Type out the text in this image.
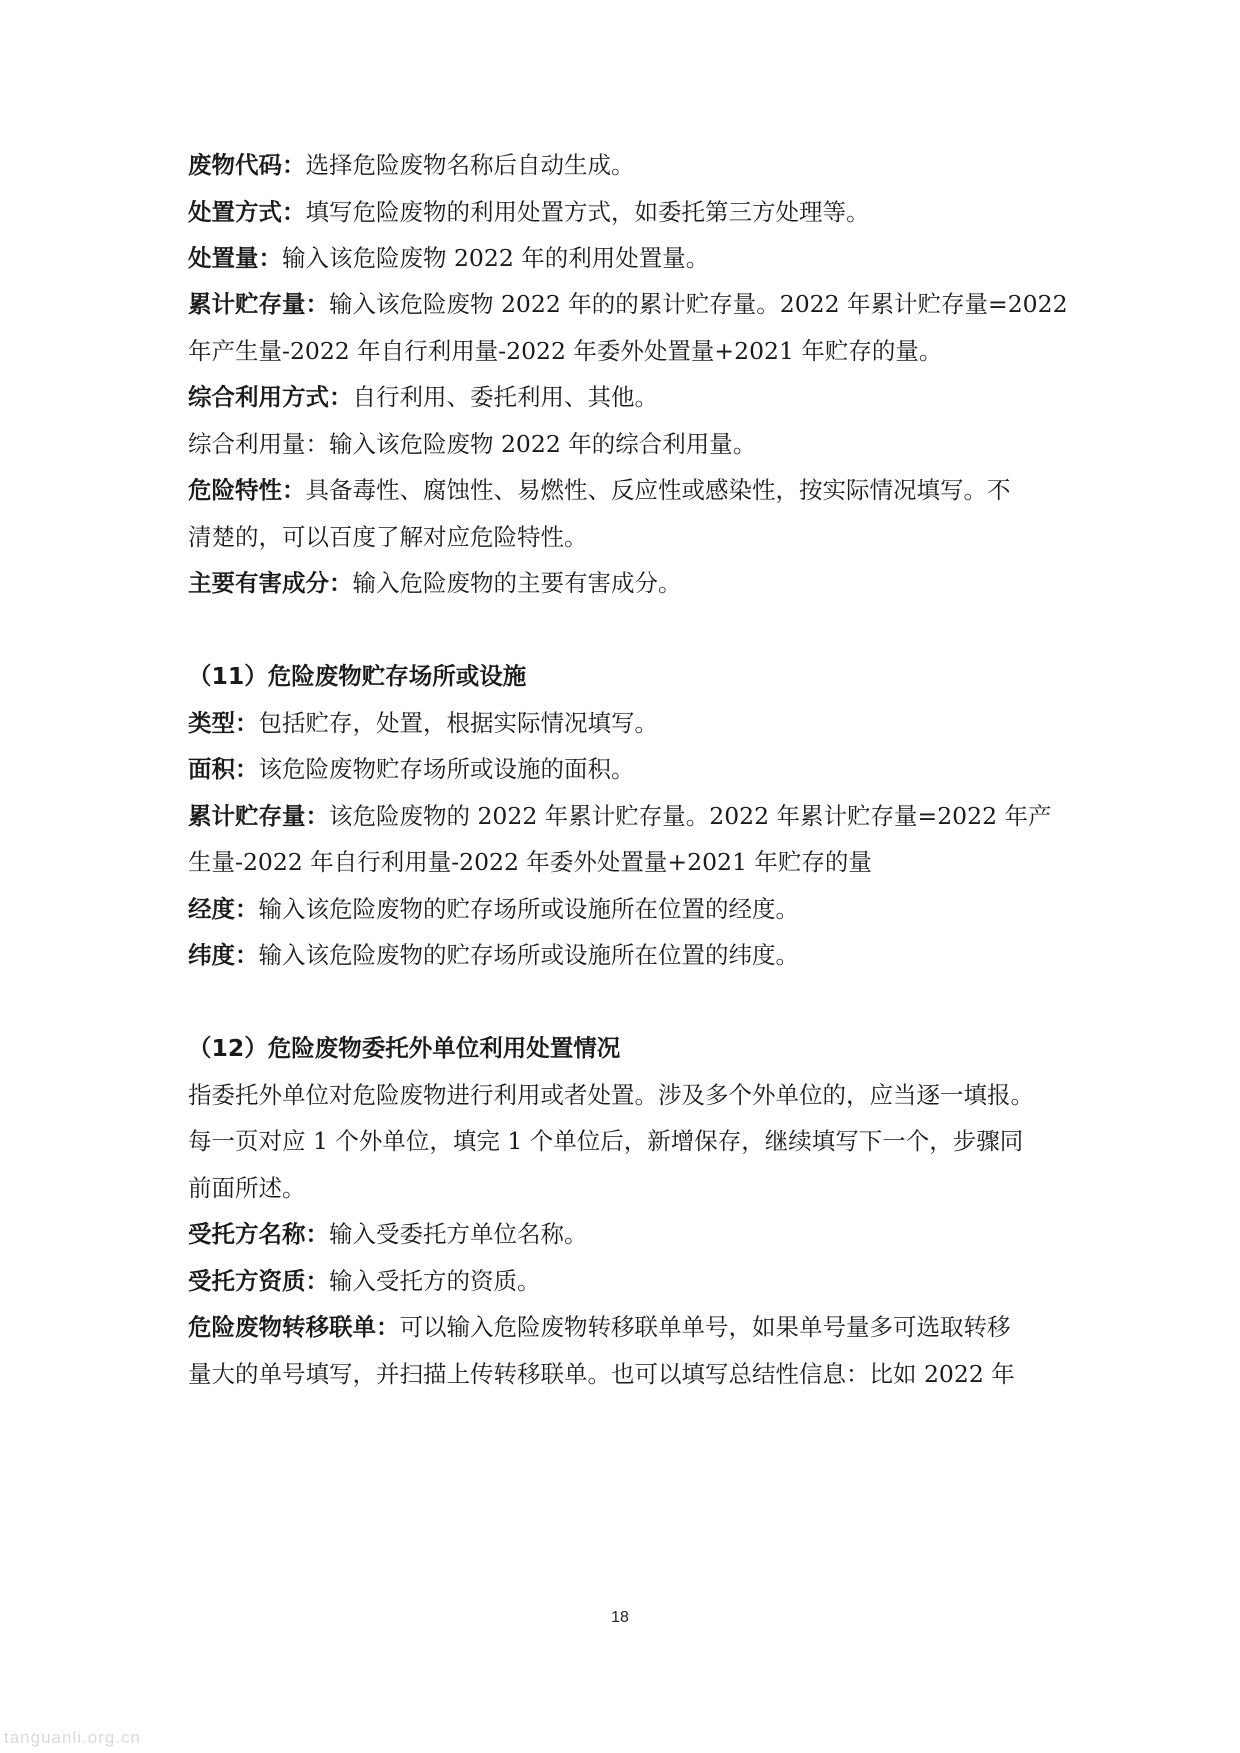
废物代码：选择危险废物名称后自动生成。
处置方式：填写危险废物的利用处置方式，如委托第三方处理等。
处置量：输入该危险废物 2022 年的利用处置量。
累计贮存量：输入该危险废物 2022 年的的累计贮存量。2022 年累计贮存量=2022
年产生量-2022 年自行利用量-2022 年委外处置量+2021 年贮存的量。
综合利用方式：自行利用、委托利用、其他。
综合利用量：输入该危险废物 2022 年的综合利用量。
危险特性：具备毒性、腐蚀性、易燃性、反应性或感染性，按实际情况填写。不
清楚的，可以百度了解对应危险特性。
主要有害成分：输入危险废物的主要有害成分。
（11）危险废物贮存场所或设施
类型：包括贮存，处置，根据实际情况填写。
面积：该危险废物贮存场所或设施的面积。
累计贮存量：该危险废物的 2022 年累计贮存量。2022 年累计贮存量=2022 年产
生量-2022 年自行利用量-2022 年委外处置量+2021 年贮存的量
经度：输入该危险废物的贮存场所或设施所在位置的经度。
纬度：输入该危险废物的贮存场所或设施所在位置的纬度。
（12）危险废物委托外单位利用处置情况
指委托外单位对危险废物进行利用或者处置。涉及多个外单位的，应当逐一填报。
每一页对应 1 个外单位，填完 1 个单位后，新增保存，继续填写下一个，步骤同
前面所述。
受托方名称：输入受委托方单位名称。
受托方资质：输入受托方的资质。
危险废物转移联单：可以输入危险废物转移联单单号，如果单号量多可选取转移
量大的单号填写，并扫描上传转移联单。也可以填写总结性信息：比如 2022 年
18
tanguanli.org.cn
